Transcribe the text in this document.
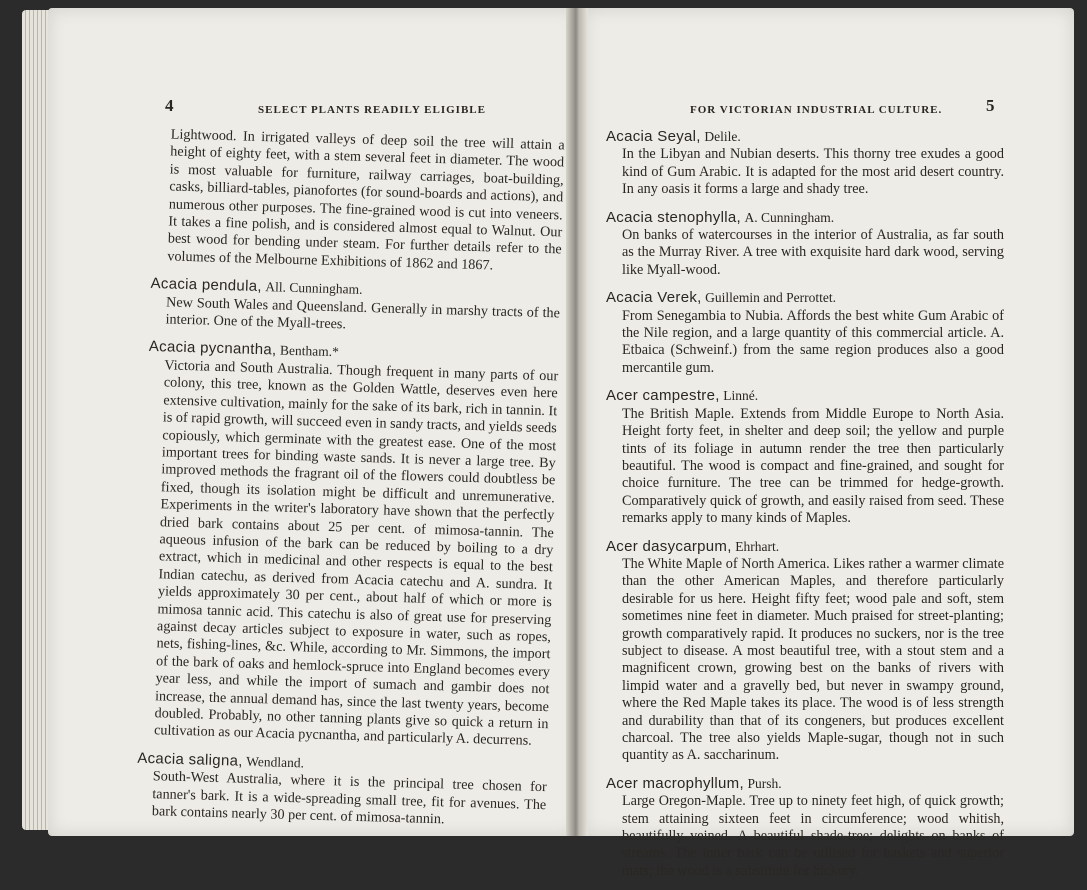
4	SELECT PLANTS READILY ELIGIBLE	FOR VICTORIAN INDUSTRIAL CULTURE.	5

Lightwood. In irrigated valleys of deep soil the tree will attain a height of eighty feet, with a stem several feet in diameter. The wood is most valuable for furniture, railway carriages, boat-building, casks, billiard-tables, pianofortes (for sound-boards and actions), and numerous other purposes. The fine-grained wood is cut into veneers. It takes a fine polish, and is considered almost equal to Walnut. Our best wood for bending under steam. For further details refer to the volumes of the Melbourne Exhibitions of 1862 and 1867.

Acacia pendula, All. Cunningham.

New South Wales and Queensland. Generally in marshy tracts of the interior. One of the Myall-trees.

Acacia pycnantha, Bentham.*

Victoria and South Australia. Though frequent in many parts of our colony, this tree, known as the Golden Wattle, deserves even here extensive cultivation, mainly for the sake of its bark, rich in tannin. It is of rapid growth, will succeed even in sandy tracts, and yields seeds copiously, which germinate with the greatest ease. One of the most important trees for binding waste sands. It is never a large tree. By improved methods the fragrant oil of the flowers could doubtless be fixed, though its isolation might be difficult and unremunerative. Experiments in the writer's laboratory have shown that the perfectly dried bark contains about 25 per cent. of mimosa-tannin. The aqueous infusion of the bark can be reduced by boiling to a dry extract, which in medicinal and other respects is equal to the best Indian catechu, as derived from Acacia catechu and A. sundra. It yields approximately 30 per cent., about half of which or more is mimosa tannic acid. This catechu is also of great use for preserving against decay articles subject to exposure in water, such as ropes, nets, fishing-lines, &c. While, according to Mr. Simmons, the import of the bark of oaks and hemlock-spruce into England becomes every year less, and while the import of sumach and gambir does not increase, the annual demand has, since the last twenty years, become doubled. Probably, no other tanning plants give so quick a return in cultivation as our Acacia pycnantha, and particularly A. decurrens.

Acacia saligna, Wendland.

South-West Australia, where it is the principal tree chosen for tanner's bark. It is a wide-spreading small tree, fit for avenues. The bark contains nearly 30 per cent. of mimosa-tannin.

Acacia Seyal, Delile.

In the Libyan and Nubian deserts. This thorny tree exudes a good kind of Gum Arabic. It is adapted for the most arid desert country. In any oasis it forms a large and shady tree.

Acacia stenophylla, A. Cunningham.

On banks of watercourses in the interior of Australia, as far south as the Murray River. A tree with exquisite hard dark wood, serving like Myall-wood.

Acacia Verek, Guillemin and Perrottet.

From Senegambia to Nubia. Affords the best white Gum Arabic of the Nile region, and a large quantity of this commercial article. A. Etbaica (Schweinf.) from the same region produces also a good mercantile gum.

Acer campestre, Linné.

The British Maple. Extends from Middle Europe to North Asia. Height forty feet, in shelter and deep soil; the yellow and purple tints of its foliage in autumn render the tree then particularly beautiful. The wood is compact and fine-grained, and sought for choice furniture. The tree can be trimmed for hedge-growth. Comparatively quick of growth, and easily raised from seed. These remarks apply to many kinds of Maples.

Acer dasycarpum, Ehrhart.

The White Maple of North America. Likes rather a warmer climate than the other American Maples, and therefore particularly desirable for us here. Height fifty feet; wood pale and soft, stem sometimes nine feet in diameter. Much praised for street-planting; growth comparatively rapid. It produces no suckers, nor is the tree subject to disease. A most beautiful tree, with a stout stem and a magnificent crown, growing best on the banks of rivers with limpid water and a gravelly bed, but never in swampy ground, where the Red Maple takes its place. The wood is of less strength and durability than that of its congeners, but produces excellent charcoal. The tree also yields Maple-sugar, though not in such quantity as A. saccharinum.

Acer macrophyllum, Pursh.

Large Oregon-Maple. Tree up to ninety feet high, of quick growth; stem attaining sixteen feet in circumference; wood whitish, beautifully veined. A beautiful shade-tree; delights on banks of streams. The inner bark can be utilised for baskets and superior mats; the wood is a substitute for hickory.
